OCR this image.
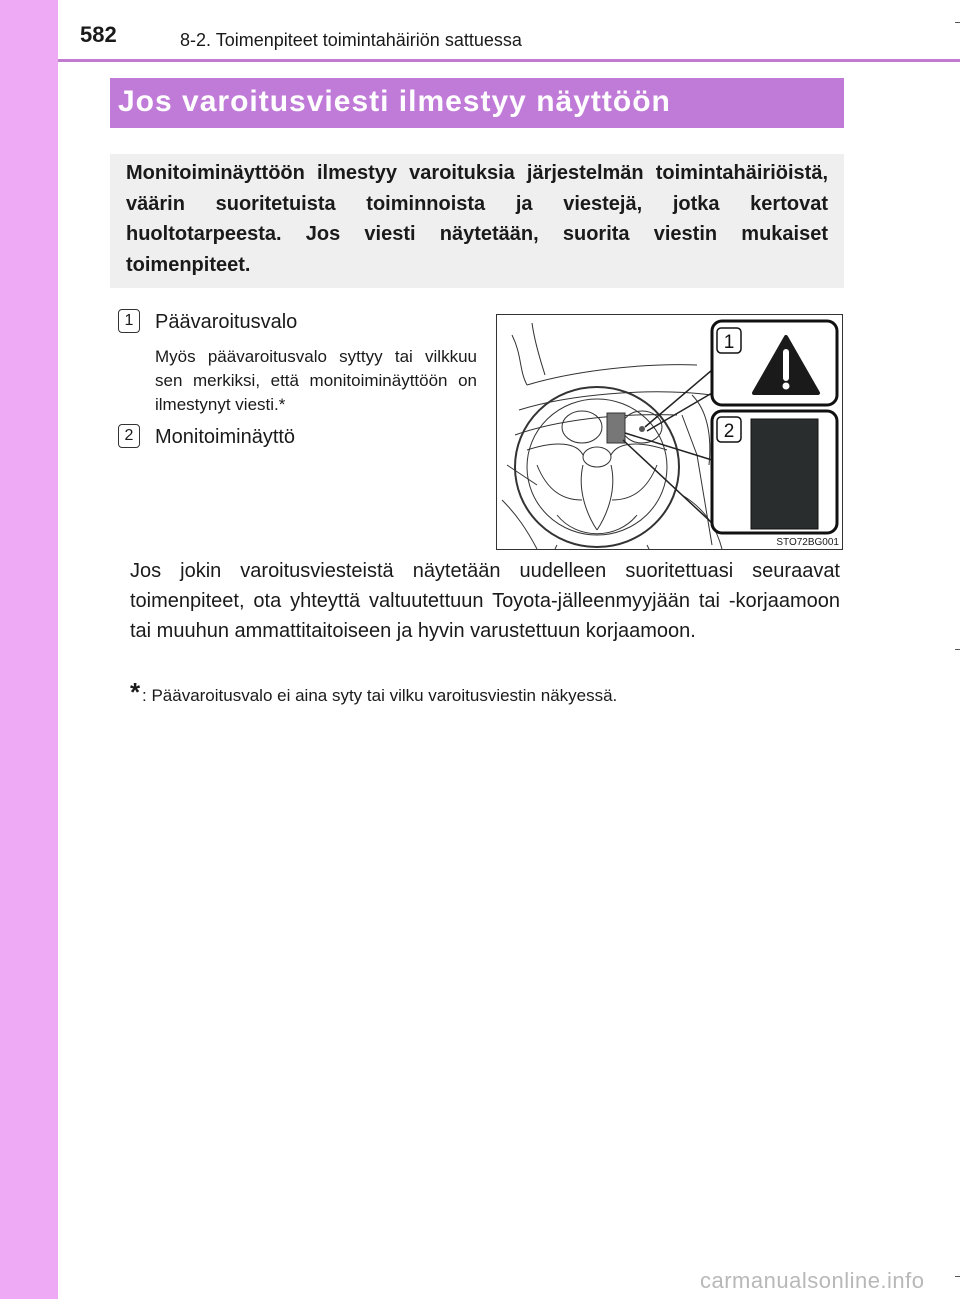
582	8-2. Toimenpiteet toimintahäiriön sattuessa
Jos varoitusviesti ilmestyy näyttöön
Monitoiminäyttöön ilmestyy varoituksia järjestelmän toimintahäiriöistä, väärin suoritetuista toiminnoista ja viestejä, jotka kertovat huoltotarpeesta. Jos viesti näytetään, suorita viestin mukaiset toimenpiteet.
1	Päävaroitusvalo
Myös päävaroitusvalo syttyy tai vilkkuu sen merkiksi, että monitoiminäyttöön on ilmestynyt viesti.*
2	Monitoiminäyttö
1
2
STO72BG001
Jos jokin varoitusviesteistä näytetään uudelleen suoritettuasi seuraavat toimenpiteet, ota yhteyttä valtuutettuun Toyota-jälleenmyyjään tai -korjaamoon tai muuhun ammattitaitoiseen ja hyvin varustettuun korjaamoon.
* : Päävaroitusvalo ei aina syty tai vilku varoitusviestin näkyessä.
carmanualsonline.info
